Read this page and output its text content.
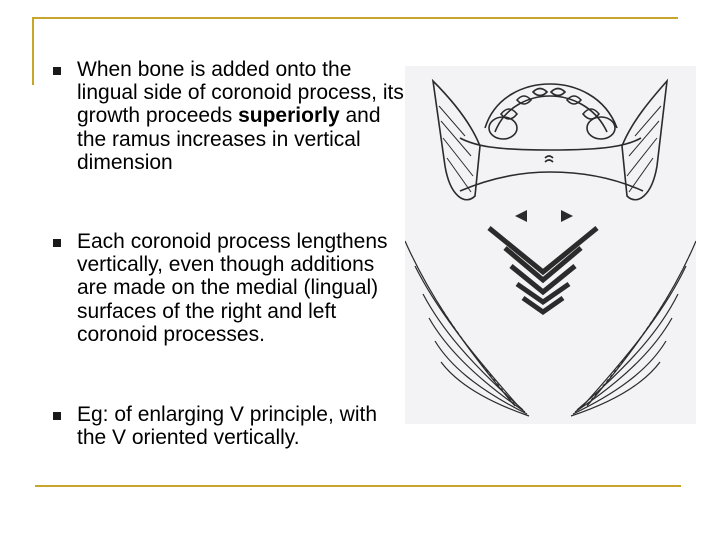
When bone is added onto the lingual side of coronoid process, its growth proceeds superiorly and the ramus increases in vertical dimension
Each coronoid process lengthens vertically, even though additions are made on the medial (lingual) surfaces of the right and left coronoid processes.
Eg: of enlarging V principle, with the V oriented vertically.
